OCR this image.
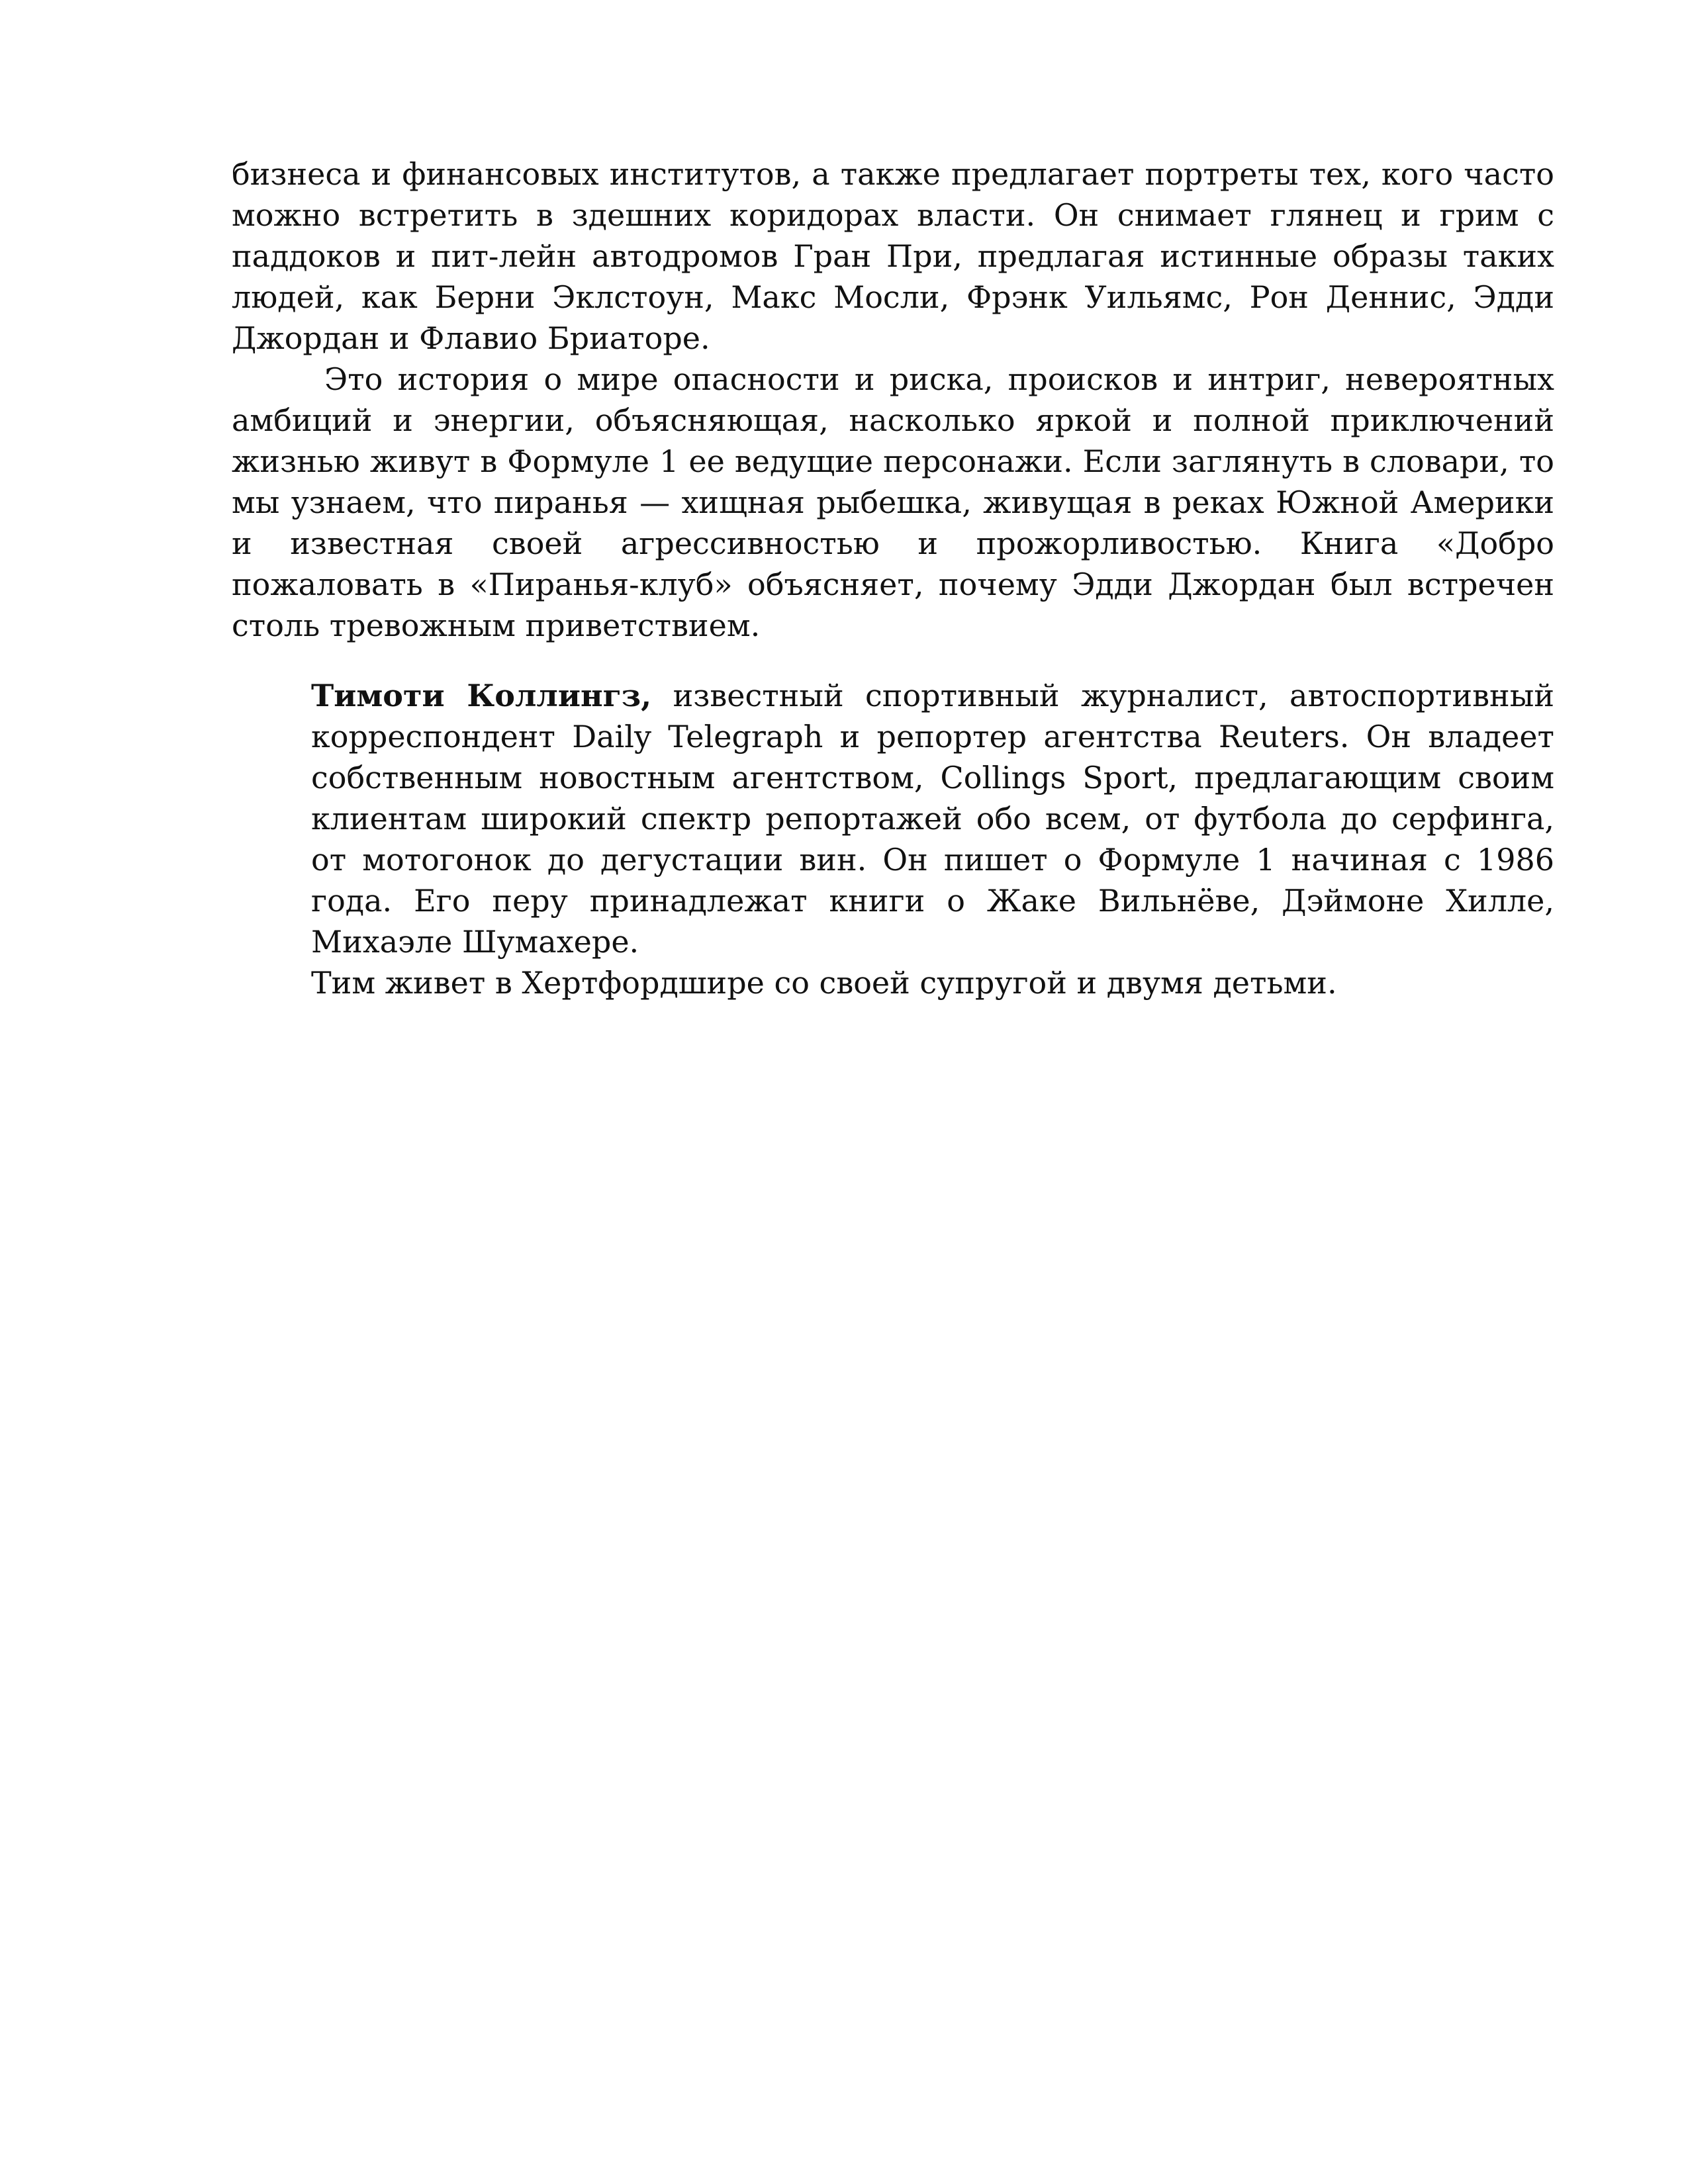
бизнеса и финансовых институтов, а также предлагает портреты тех, кого часто можно встретить в здешних коридорах власти. Он снимает глянец и грим с паддоков и пит-лейн автодромов Гран При, предлагая истинные образы таких людей, как Берни Эклстоун, Макс Мосли, Фрэнк Уильямс, Рон Деннис, Эдди Джордан и Флавио Бриаторе.

Это история о мире опасности и риска, происков и интриг, невероятных амбиций и энергии, объясняющая, насколько яркой и полной приключений жизнью живут в Формуле 1 ее ведущие персонажи. Если заглянуть в словари, то мы узнаем, что пиранья — хищная рыбешка, живущая в реках Южной Америки и известная своей агрессивностью и прожорливостью. Книга «Добро пожаловать в «Пиранья-клуб» объясняет, почему Эдди Джордан был встречен столь тревожным приветствием.

Тимоти Коллингз, известный спортивный журналист, автоспортивный корреспондент Daily Telegraph и репортер агентства Reuters. Он владеет собственным новостным агентством, Collings Sport, предлагающим своим клиентам широкий спектр репортажей обо всем, от футбола до серфинга, от мотогонок до дегустации вин. Он пишет о Формуле 1 начиная с 1986 года. Его перу принадлежат книги о Жаке Вильнёве, Дэймоне Хилле, Михаэле Шумахере.

Тим живет в Хертфордшире со своей супругой и двумя детьми.
